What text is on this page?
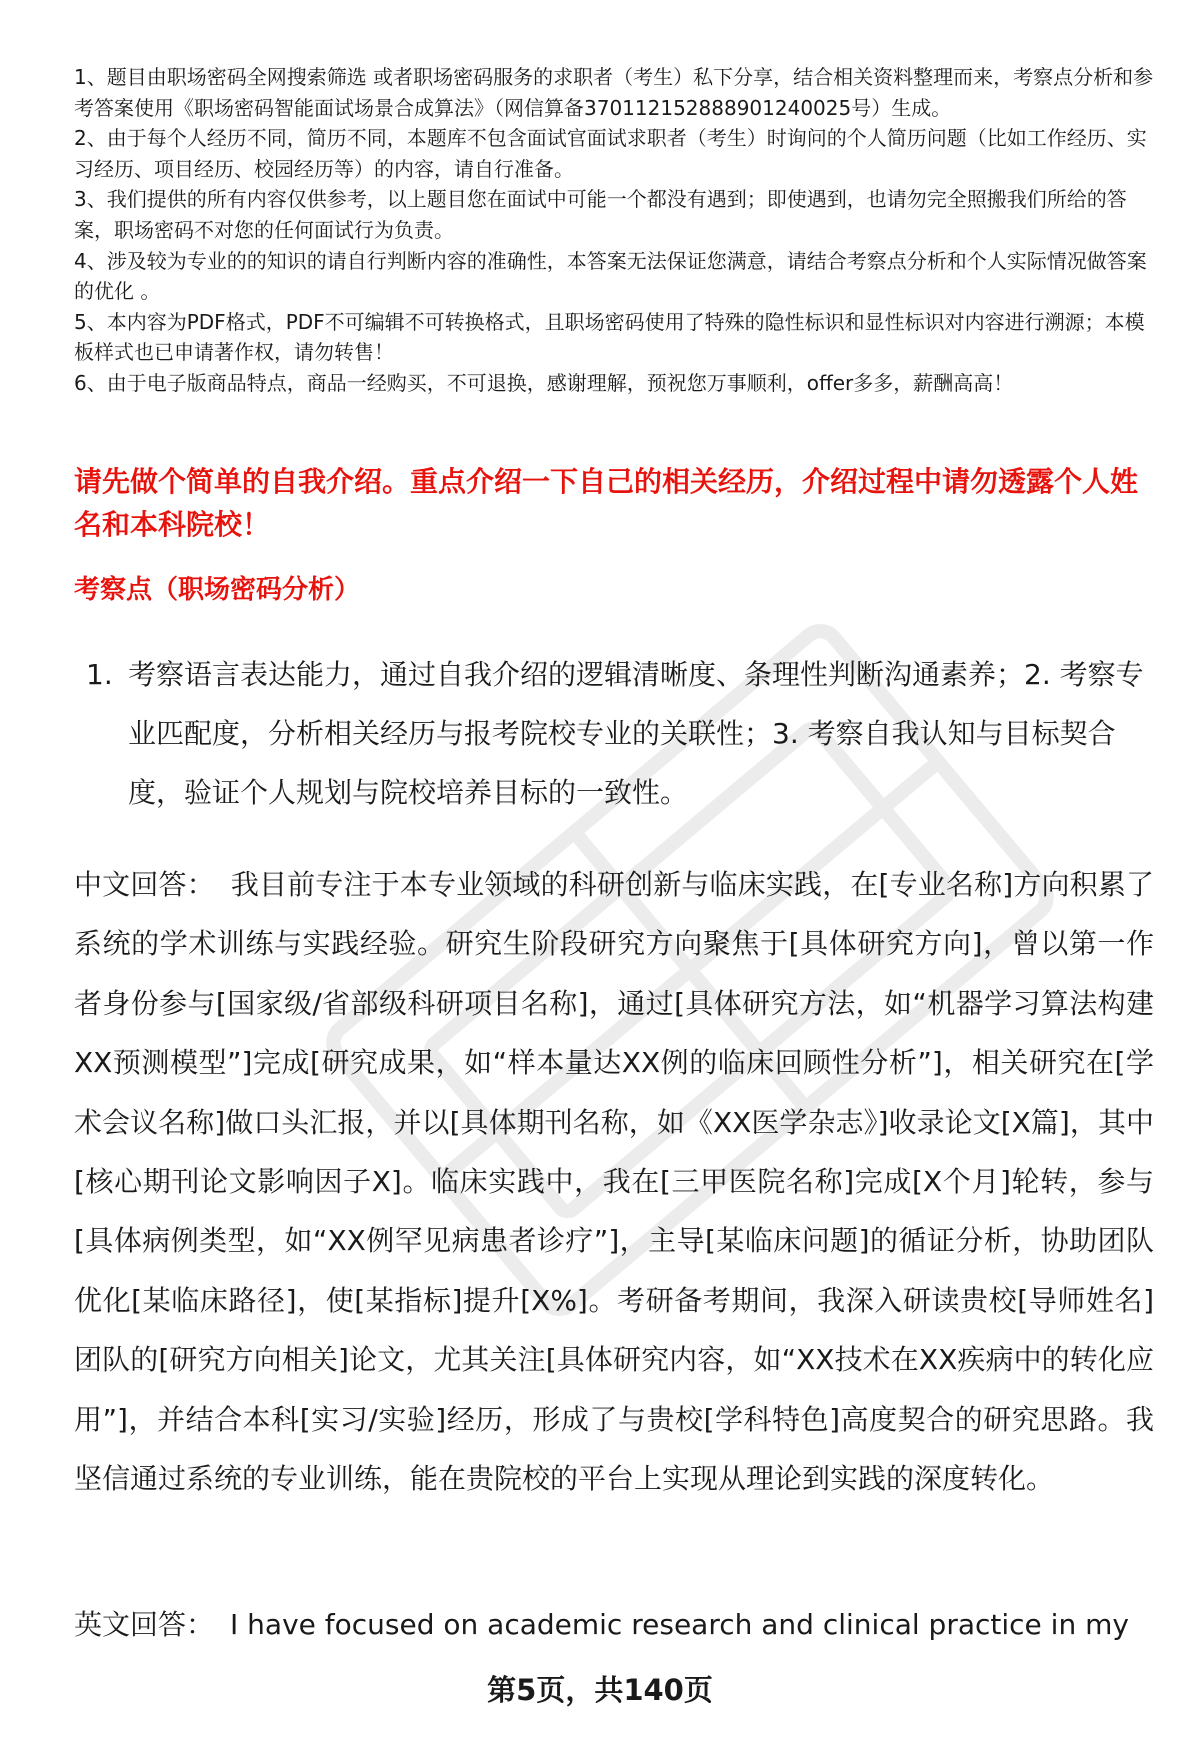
1、题目由职场密码全网搜索筛选 或者职场密码服务的求职者（考生）私下分享，结合相关资料整理而来，考察点分析和参考答案使用《职场密码智能面试场景合成算法》（网信算备370112152888901240025号）生成。

2、由于每个人经历不同，简历不同，本题库不包含面试官面试求职者（考生）时询问的个人简历问题（比如工作经历、实习经历、项目经历、校园经历等）的内容，请自行准备。

3、我们提供的所有内容仅供参考，以上题目您在面试中可能一个都没有遇到；即使遇到，也请勿完全照搬我们所给的答案，职场密码不对您的任何面试行为负责。

4、涉及较为专业的的知识的请自行判断内容的准确性，本答案无法保证您满意，请结合考察点分析和个人实际情况做答案的优化 。

5、本内容为PDF格式，PDF不可编辑不可转换格式，且职场密码使用了特殊的隐性标识和显性标识对内容进行溯源；本模板样式也已申请著作权，请勿转售！

6、由于电子版商品特点，商品一经购买，不可退换，感谢理解，预祝您万事顺利，offer多多，薪酬高高！

请先做个简单的自我介绍。重点介绍一下自己的相关经历，介绍过程中请勿透露个人姓名和本科院校！
考察点（职场密码分析）
1. 考察语言表达能力，通过自我介绍的逻辑清晰度、条理性判断沟通素养；2. 考察专业匹配度，分析相关经历与报考院校专业的关联性；3. 考察自我认知与目标契合度，验证个人规划与院校培养目标的一致性。
中文回答： 我目前专注于本专业领域的科研创新与临床实践，在[专业名称]方向积累了系统的学术训练与实践经验。研究生阶段研究方向聚焦于[具体研究方向]，曾以第一作者身份参与[国家级/省部级科研项目名称]，通过[具体研究方法，如“机器学习算法构建XX预测模型”]完成[研究成果，如“样本量达XX例的临床回顾性分析”]，相关研究在[学术会议名称]做口头汇报，并以[具体期刊名称，如《XX医学杂志》]收录论文[X篇]，其中[核心期刊论文影响因子X]。临床实践中，我在[三甲医院名称]完成[X个月]轮转，参与[具体病例类型，如“XX例罕见病患者诊疗”]，主导[某临床问题]的循证分析，协助团队优化[某临床路径]，使[某指标]提升[X%]。考研备考期间，我深入研读贵校[导师姓名]团队的[研究方向相关]论文，尤其关注[具体研究内容，如“XX技术在XX疾病中的转化应用”]，并结合本科[实习/实验]经历，形成了与贵校[学科特色]高度契合的研究思路。我坚信通过系统的专业训练，能在贵院校的平台上实现从理论到实践的深度转化。
英文回答： I have focused on academic research and clinical practice in my
第5页，共140页
